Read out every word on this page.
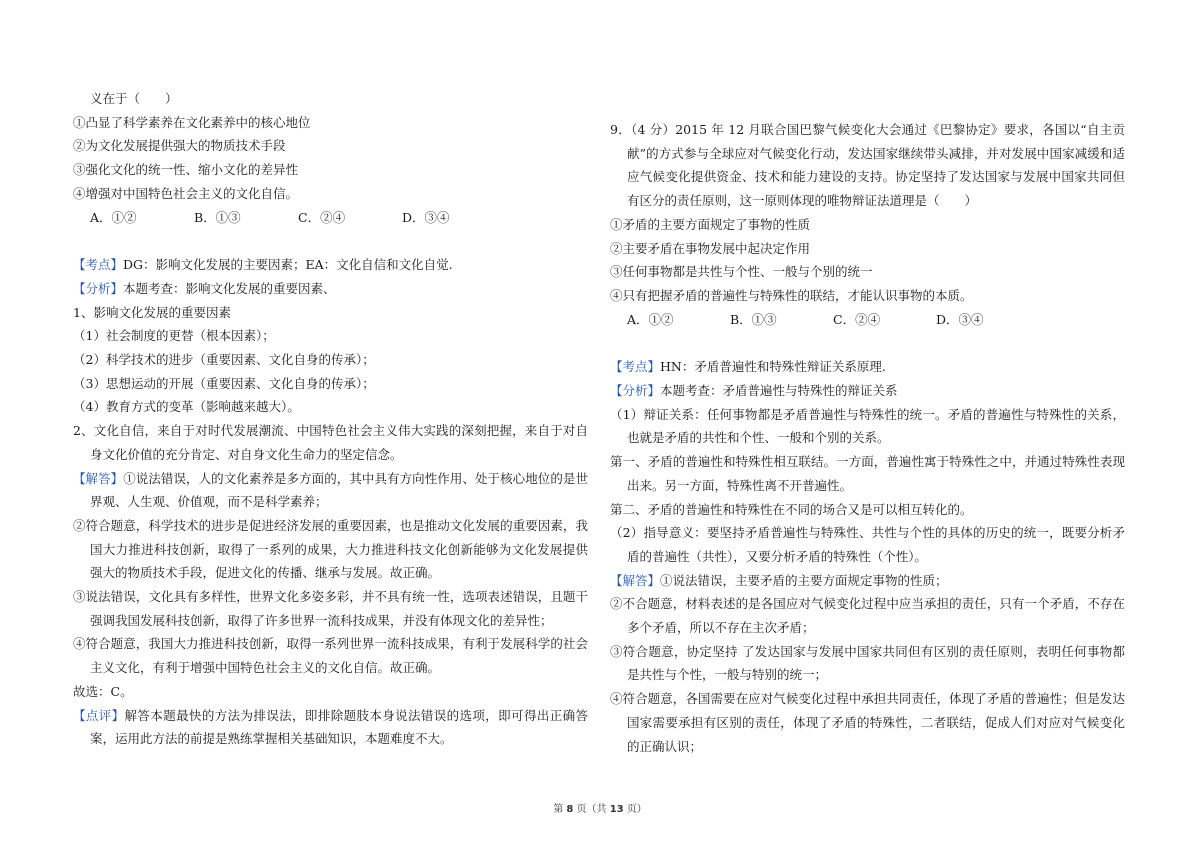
义在于（　　）
①凸显了科学素养在文化素养中的核心地位
②为文化发展提供强大的物质技术手段
③强化文化的统一性、缩小文化的差异性
④增强对中国特色社会主义的文化自信。
A．①②	B．①③	C．②④	D．③④
【考点】DG：影响文化发展的主要因素；EA：文化自信和文化自觉.
【分析】本题考查：影响文化发展的重要因素、
1、影响文化发展的重要因素
（1）社会制度的更替（根本因素）；
（2）科学技术的进步（重要因素、文化自身的传承）；
（3）思想运动的开展（重要因素、文化自身的传承）；
（4）教育方式的变革（影响越来越大）。
2、文化自信，来自于对时代发展潮流、中国特色社会主义伟大实践的深刻把握，来自于对自身文化价值的充分肯定、对自身文化生命力的坚定信念。
【解答】①说法错误，人的文化素养是多方面的，其中具有方向性作用、处于核心地位的是世界观、人生观、价值观，而不是科学素养；
②符合题意，科学技术的进步是促进经济发展的重要因素，也是推动文化发展的重要因素，我国大力推进科技创新，取得了一系列的成果，大力推进科技文化创新能够为文化发展提供强大的物质技术手段，促进文化的传播、继承与发展。故正确。
③说法错误，文化具有多样性，世界文化多姿多彩，并不具有统一性，选项表述错误，且题干强调我国发展科技创新，取得了许多世界一流科技成果，并没有体现文化的差异性；
④符合题意，我国大力推进科技创新，取得一系列世界一流科技成果，有利于发展科学的社会主义文化，有利于增强中国特色社会主义的文化自信。故正确。
故选：C。
【点评】解答本题最快的方法为排误法，即排除题肢本身说法错误的选项，即可得出正确答案，运用此方法的前提是熟练掌握相关基础知识，本题难度不大。
9．（4 分）2015 年 12 月联合国巴黎气候变化大会通过《巴黎协定》要求，各国以“自主贡献”的方式参与全球应对气候变化行动，发达国家继续带头减排，并对发展中国家减缓和适应气候变化提供资金、技术和能力建设的支持。协定坚持了发达国家与发展中国家共同但有区分的责任原则，这一原则体现的唯物辩证法道理是（　　）
①矛盾的主要方面规定了事物的性质
②主要矛盾在事物发展中起决定作用
③任何事物都是共性与个性、一般与个别的统一
④只有把握矛盾的普遍性与特殊性的联结，才能认识事物的本质。
A．①②	B．①③	C．②④	D．③④
【考点】HN：矛盾普遍性和特殊性辩证关系原理.
【分析】本题考查：矛盾普遍性与特殊性的辩证关系
（1）辩证关系：任何事物都是矛盾普遍性与特殊性的统一。矛盾的普遍性与特殊性的关系，也就是矛盾的共性和个性、一般和个别的关系。
第一、矛盾的普遍性和特殊性相互联结。一方面，普遍性寓于特殊性之中，并通过特殊性表现出来。另一方面，特殊性离不开普遍性。
第二、矛盾的普遍性和特殊性在不同的场合又是可以相互转化的。
（2）指导意义：要坚持矛盾普遍性与特殊性、共性与个性的具体的历史的统一，既要分析矛盾的普遍性（共性），又要分析矛盾的特殊性（个性）。
【解答】①说法错误，主要矛盾的主要方面规定事物的性质；
②不合题意，材料表述的是各国应对气候变化过程中应当承担的责任，只有一个矛盾，不存在多个矛盾，所以不存在主次矛盾；
③符合题意，协定坚持 了发达国家与发展中国家共同但有区别的责任原则，表明任何事物都是共性与个性，一般与特别的统一；
④符合题意，各国需要在应对气候变化过程中承担共同责任，体现了矛盾的普遍性；但是发达国家需要承担有区别的责任，体现了矛盾的特殊性，二者联结，促成人们对应对气候变化的正确认识；
第 8 页（共 13 页）
